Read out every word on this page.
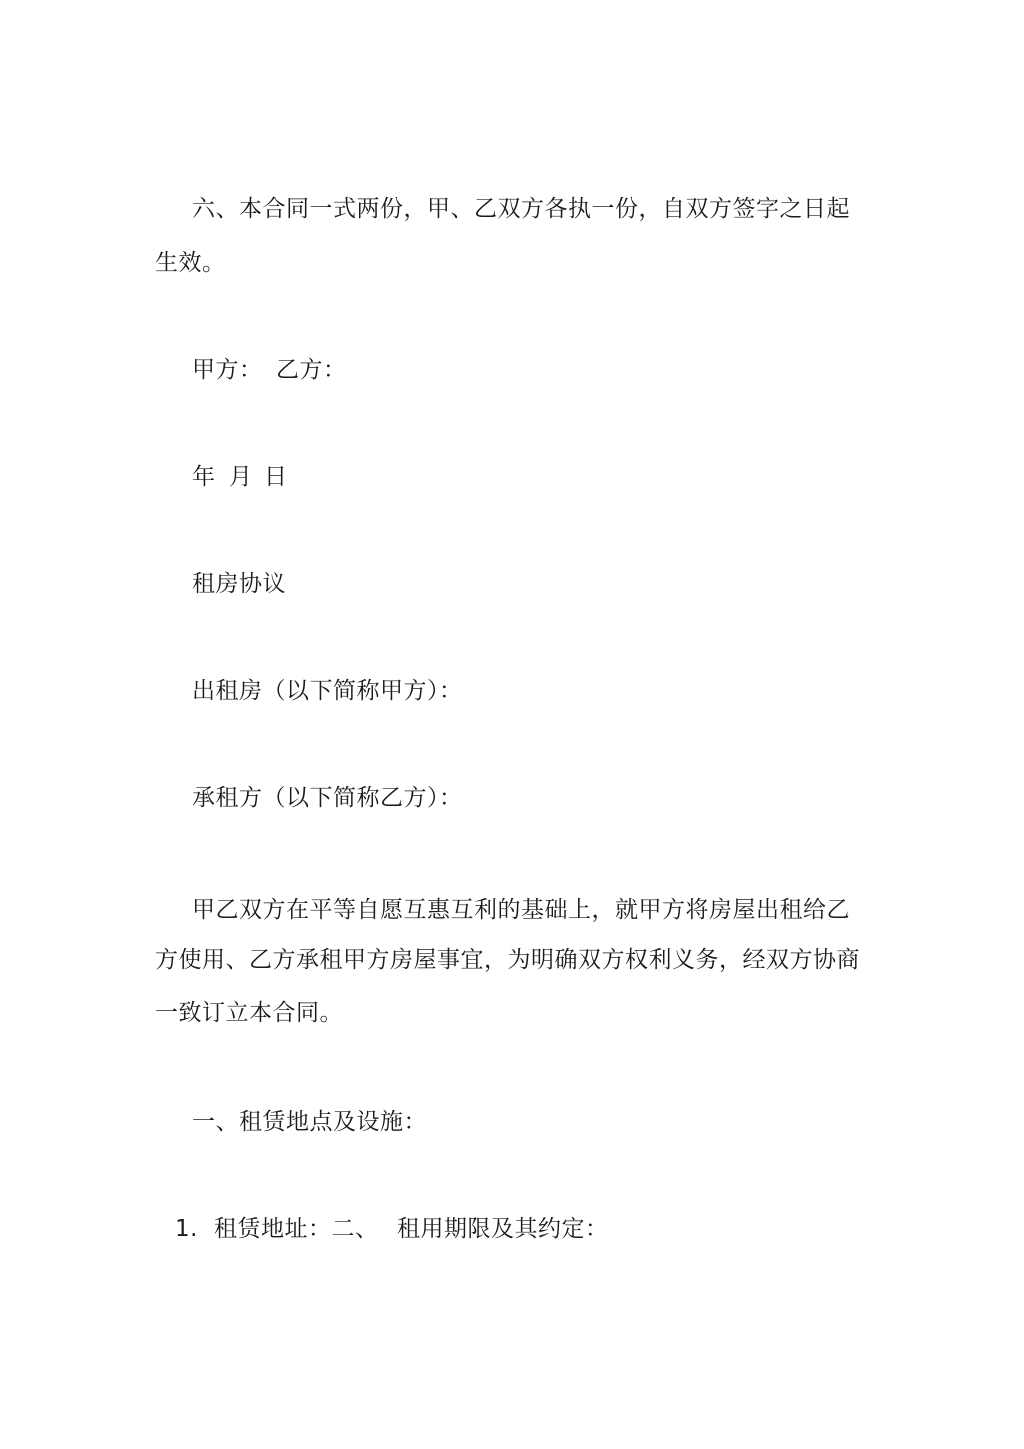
六、本合同一式两份，甲、乙双方各执一份，自双方签字之日起
生效。
甲方： 乙方：
年 月 日
租房协议
出租房（以下简称甲方）：
承租方（以下简称乙方）：
甲乙双方在平等自愿互惠互利的基础上，就甲方将房屋出租给乙
方使用、乙方承租甲方房屋事宜，为明确双方权利义务，经双方协商
一致订立本合同。
一、租赁地点及设施：
1. 租赁地址：二、 租用期限及其约定：
